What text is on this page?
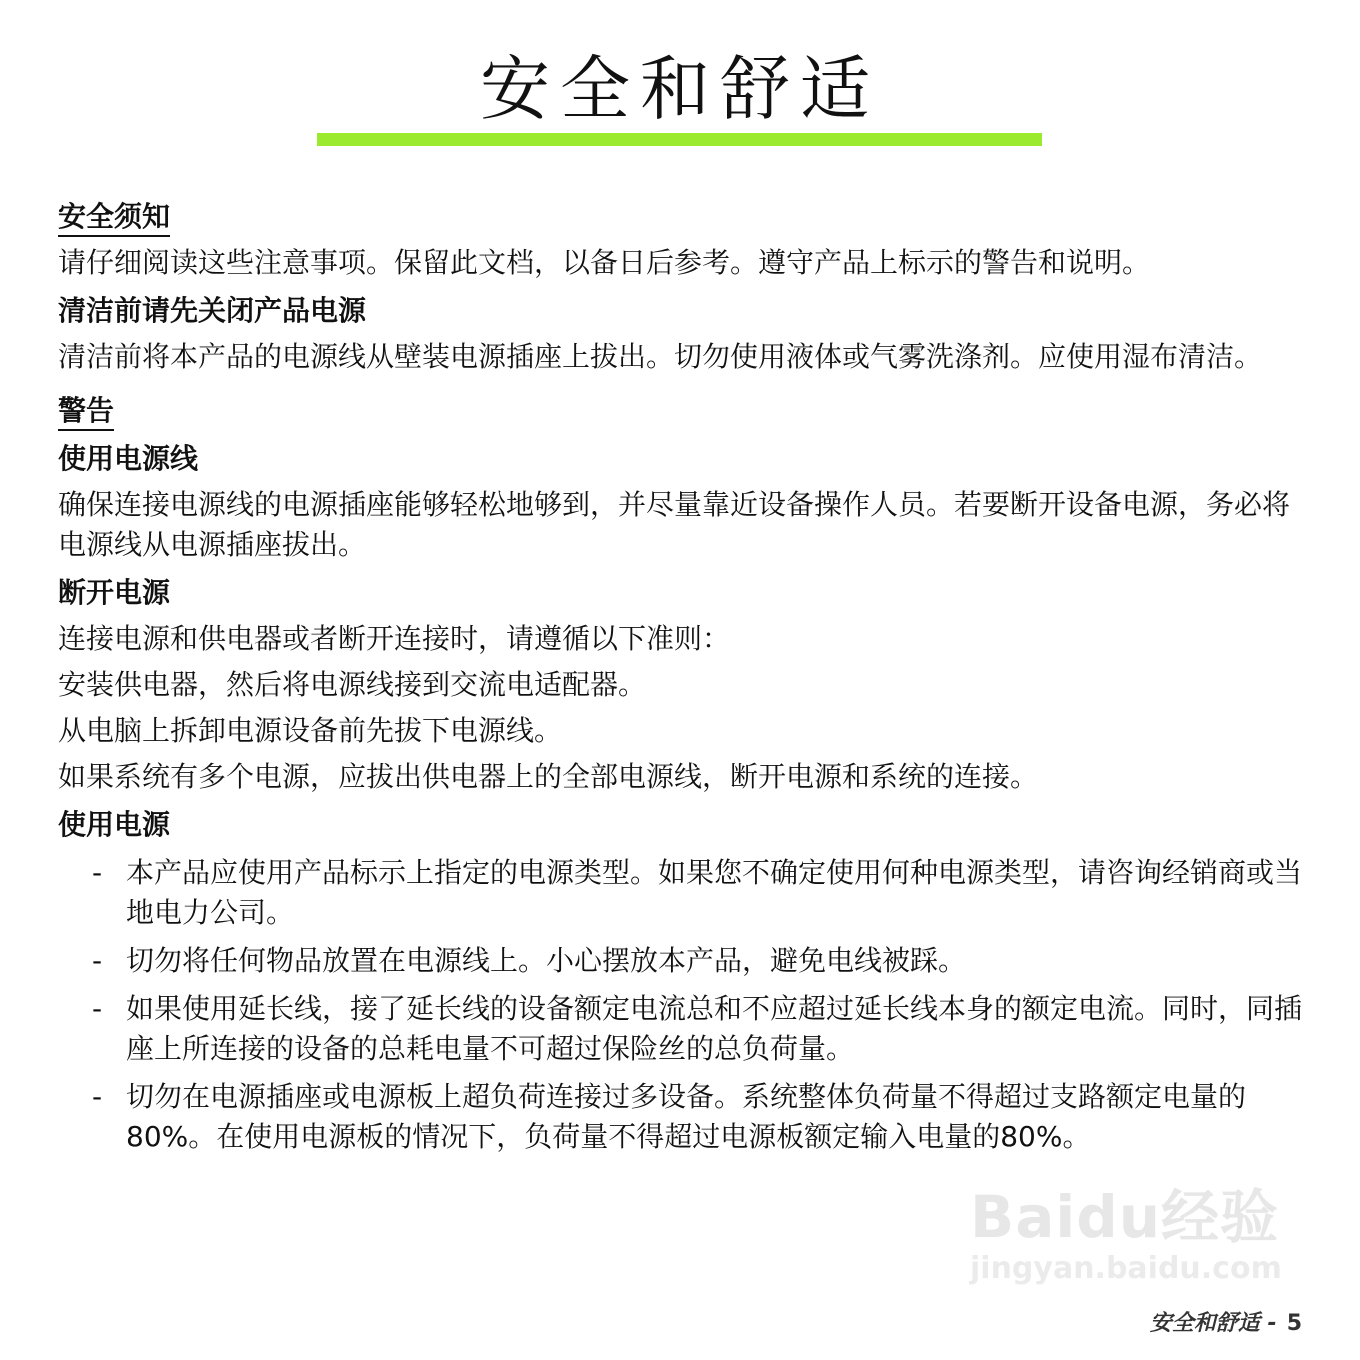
安全和舒适
安全须知

请仔细阅读这些注意事项。保留此文档，以备日后参考。遵守产品上标示的警告和说明。

清洁前请先关闭产品电源

清洁前将本产品的电源线从壁装电源插座上拔出。切勿使用液体或气雾洗涤剂。应使用湿布清洁。

警告
使用电源线

确保连接电源线的电源插座能够轻松地够到，并尽量靠近设备操作人员。若要断开设备电源，务必将电源线从电源插座拔出。

断开电源

连接电源和供电器或者断开连接时，请遵循以下准则：

安装供电器，然后将电源线接到交流电适配器。

从电脑上拆卸电源设备前先拔下电源线。

如果系统有多个电源，应拔出供电器上的全部电源线，断开电源和系统的连接。

使用电源
- 本产品应使用产品标示上指定的电源类型。如果您不确定使用何种电源类型，请咨询经销商或当地电力公司。
- 切勿将任何物品放置在电源线上。小心摆放本产品，避免电线被踩。
- 如果使用延长线，接了延长线的设备额定电流总和不应超过延长线本身的额定电流。同时，同插座上所连接的设备的总耗电量不可超过保险丝的总负荷量。
- 切勿在电源插座或电源板上超负荷连接过多设备。系统整体负荷量不得超过支路额定电量的 80%。在使用电源板的情况下，负荷量不得超过电源板额定输入电量的80%。
Baidu经验
jingyan.baidu.com
安全和舒适 - 5
